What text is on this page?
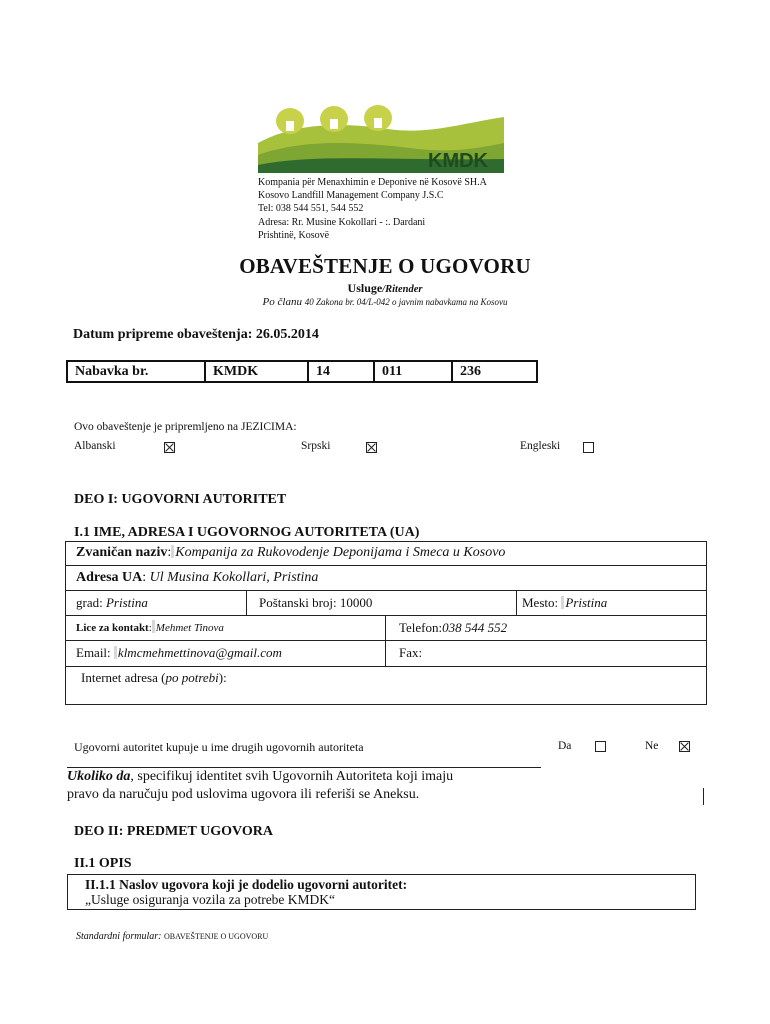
KMDK
Kompania për Menaxhimin e Deponive në Kosovë SH.A
Kosovo Landfill Management Company J.S.C
Tel: 038 544 551, 544 552
Adresa: Rr. Musine Kokollari - :. Dardani
Prishtinë, Kosovë
OBAVEŠTENJE O UGOVORU
Usluge/Ritender
Po članu 40 Zakona br. 04/L-042 o javnim nabavkama na Kosovu
Datum pripreme obaveštenja: 26.05.2014
Nabavka br.	KMDK	14	011	236
Ovo obaveštenje je pripremljeno na JEZICIMA:
Albanski	Srpski	Engleski
DEO I: UGOVORNI AUTORITET
I.1 IME, ADRESA I UGOVORNOG AUTORITETA (UA)
Zvaničan naziv: Kompanija za Rukovodenje Deponijama i Smeca u Kosovo
Adresa UA: Ul Musina Kokollari, Pristina
grad: Pristina	Poštanski broj: 10000	Mesto: Pristina
Lice za kontakt: Mehmet Tinova	Telefon:038 544 552
Email: klmcmehmettinova@gmail.com	Fax:
Internet adresa (po potrebi):
Ugovorni autoritet kupuje u ime drugih ugovornih autoriteta	Da	Ne
Ukoliko da, specifikuj identitet svih Ugovornih Autoriteta koji imaju
pravo da naručuju pod uslovima ugovora ili referiši se Aneksu.
DEO II: PREDMET UGOVORA
II.1 OPIS
II.1.1 Naslov ugovora koji je dodelio ugovorni autoritet:
„Usluge osiguranja vozila za potrebe KMDK“
Standardni formular: OBAVEŠTENJE O UGOVORU
